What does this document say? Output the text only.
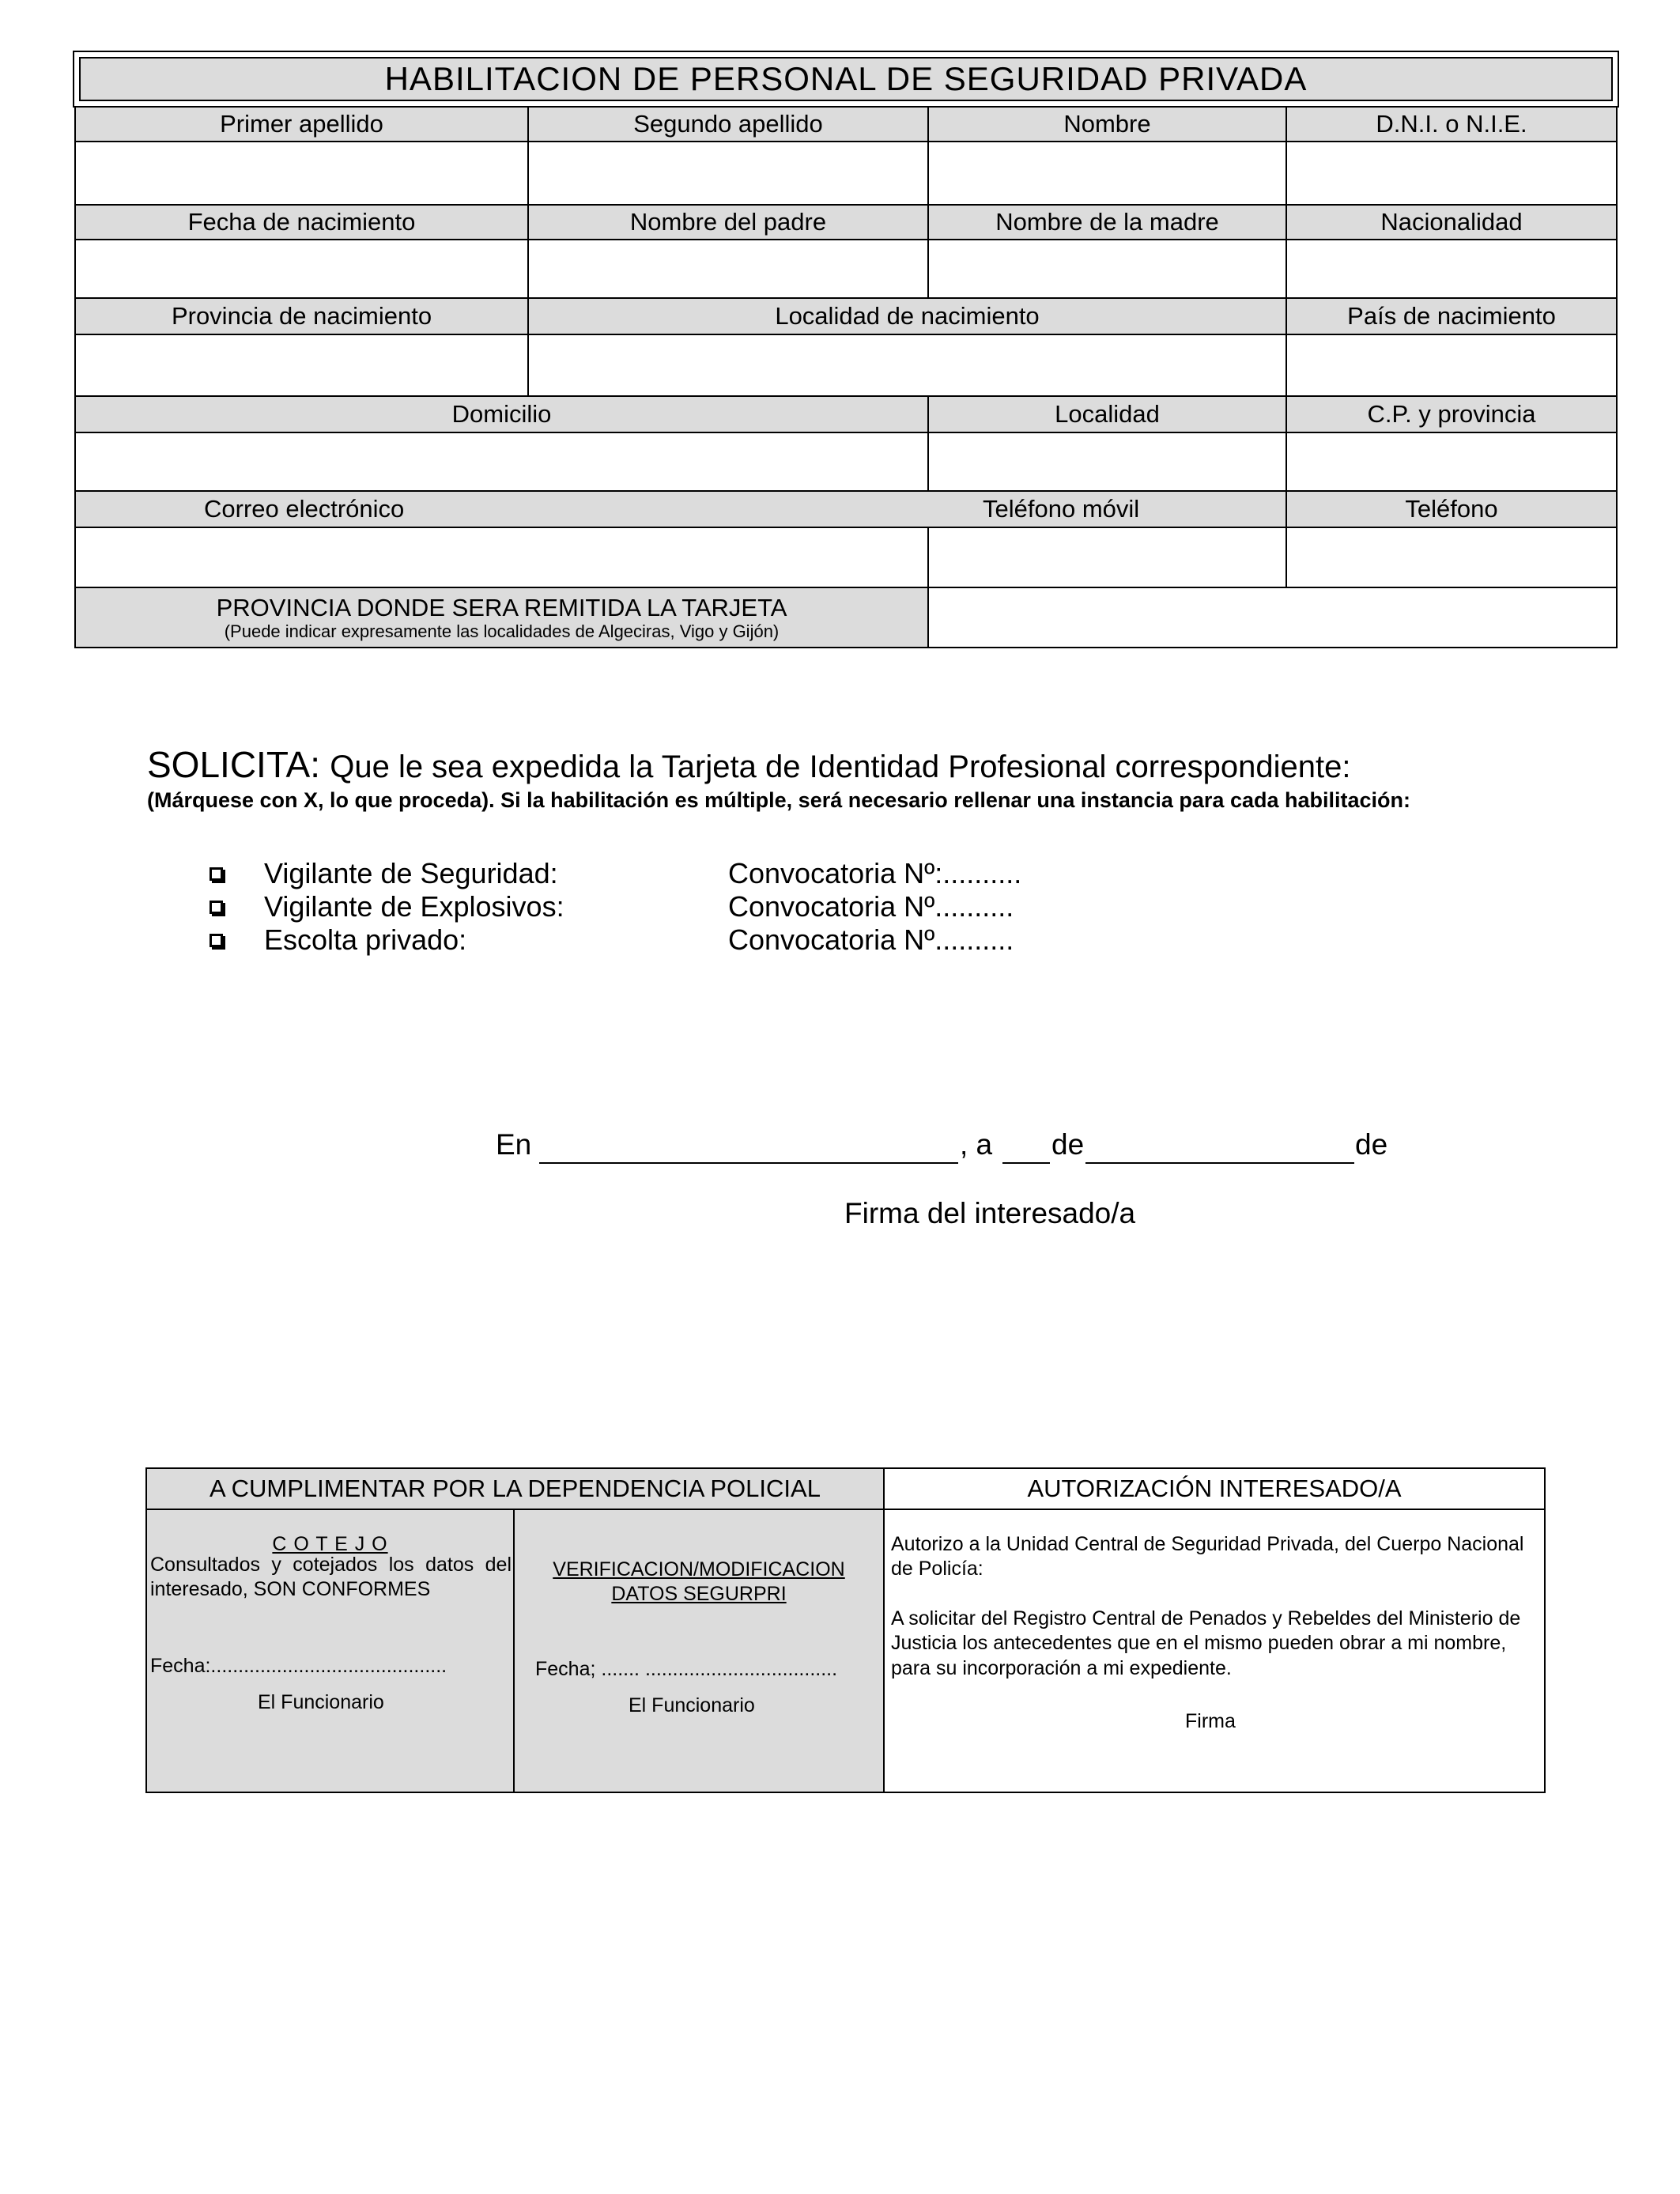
HABILITACION DE PERSONAL DE SEGURIDAD PRIVADA
Primer apellido	Segundo apellido	Nombre	D.N.I. o N.I.E.
Fecha de nacimiento	Nombre del padre	Nombre de la madre	Nacionalidad
Provincia de nacimiento	Localidad de nacimiento	País de nacimiento
Domicilio	Localidad	C.P. y provincia
Correo electrónico	Teléfono móvil	Teléfono
PROVINCIA DONDE SERA REMITIDA LA TARJETA
(Puede indicar expresamente las localidades de Algeciras, Vigo y Gijón)
SOLICITA: Que le sea expedida la Tarjeta de Identidad Profesional correspondiente:
(Márquese con X, lo que proceda). Si la habilitación es múltiple, será necesario rellenar una instancia para cada habilitación:
Vigilante de Seguridad:	Convocatoria Nº:..........
Vigilante de Explosivos:	Convocatoria Nº..........
Escolta privado:	Convocatoria Nº..........
En	, a de	de
Firma del interesado/a
A CUMPLIMENTAR POR LA DEPENDENCIA POLICIAL	AUTORIZACIÓN INTERESADO/A
C O T E J O
Consultados y cotejados los datos del interesado, SON CONFORMES
Fecha:...........................................
El Funcionario
VERIFICACION/MODIFICACION DATOS SEGURPRI
Fecha; ....... ...................................
El Funcionario
Autorizo a la Unidad Central de Seguridad Privada, del Cuerpo Nacional de Policía:
A solicitar del Registro Central de Penados y Rebeldes del Ministerio de Justicia los antecedentes que en el mismo pueden obrar a mi nombre, para su incorporación a mi expediente.
Firma
